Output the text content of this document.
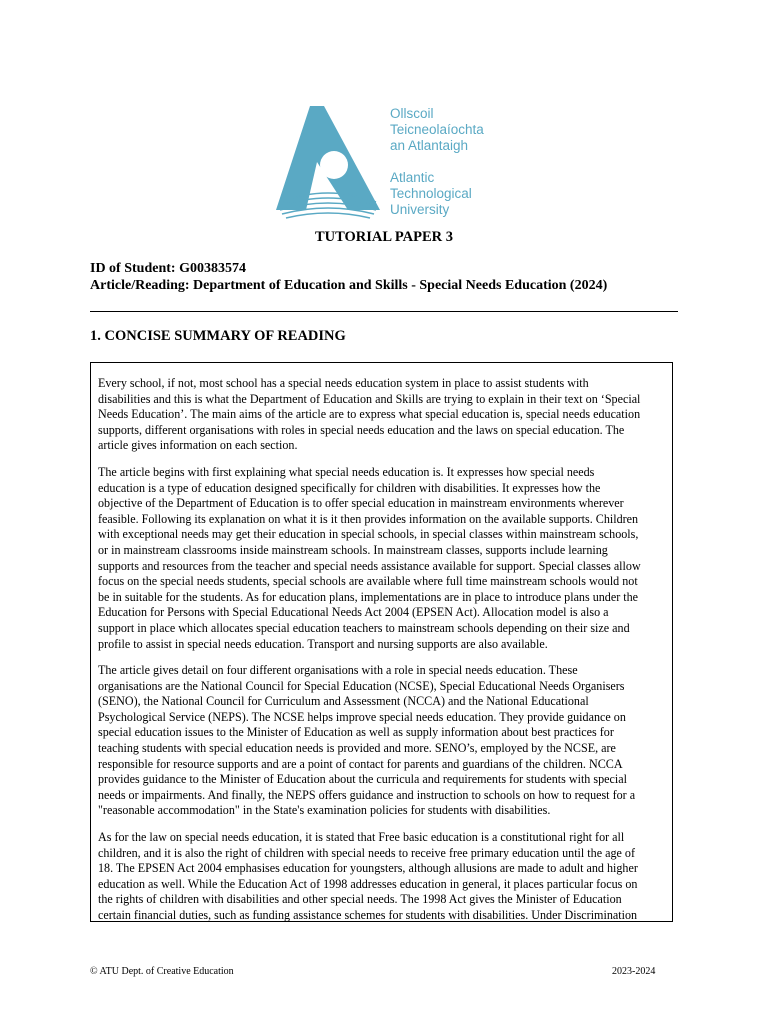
Ollscoil
Teicneolaíochta
an Atlantaigh
Atlantic
Technological
University
TUTORIAL PAPER 3
ID of Student: G00383574
Article/Reading: Department of Education and Skills - Special Needs Education (2024)
1. CONCISE SUMMARY OF READING

Every school, if not, most school has a special needs education system in place to assist students with
disabilities and this is what the Department of Education and Skills are trying to explain in their text on ‘Special
Needs Education’. The main aims of the article are to express what special education is, special needs education
supports, different organisations with roles in special needs education and the laws on special education. The
article gives information on each section.

The article begins with first explaining what special needs education is. It expresses how special needs
education is a type of education designed specifically for children with disabilities. It expresses how the
objective of the Department of Education is to offer special education in mainstream environments wherever
feasible. Following its explanation on what it is it then provides information on the available supports. Children
with exceptional needs may get their education in special schools, in special classes within mainstream schools,
or in mainstream classrooms inside mainstream schools. In mainstream classes, supports include learning
supports and resources from the teacher and special needs assistance available for support. Special classes allow
focus on the special needs students, special schools are available where full time mainstream schools would not
be in suitable for the students. As for education plans, implementations are in place to introduce plans under the
Education for Persons with Special Educational Needs Act 2004 (EPSEN Act). Allocation model is also a
support in place which allocates special education teachers to mainstream schools depending on their size and
profile to assist in special needs education. Transport and nursing supports are also available.

The article gives detail on four different organisations with a role in special needs education. These
organisations are the National Council for Special Education (NCSE), Special Educational Needs Organisers
(SENO), the National Council for Curriculum and Assessment (NCCA) and the National Educational
Psychological Service (NEPS). The NCSE helps improve special needs education. They provide guidance on
special education issues to the Minister of Education as well as supply information about best practices for
teaching students with special education needs is provided and more. SENO’s, employed by the NCSE, are
responsible for resource supports and are a point of contact for parents and guardians of the children. NCCA
provides guidance to the Minister of Education about the curricula and requirements for students with special
needs or impairments. And finally, the NEPS offers guidance and instruction to schools on how to request for a
"reasonable accommodation" in the State's examination policies for students with disabilities.

As for the law on special needs education, it is stated that Free basic education is a constitutional right for all
children, and it is also the right of children with special needs to receive free primary education until the age of
18. The EPSEN Act 2004 emphasises education for youngsters, although allusions are made to adult and higher
education as well. While the Education Act of 1998 addresses education in general, it places particular focus on
the rights of children with disabilities and other special needs. The 1998 Act gives the Minister of Education
certain financial duties, such as funding assistance schemes for students with disabilities. Under Discrimination

© ATU Dept. of Creative Education	2023-2024
